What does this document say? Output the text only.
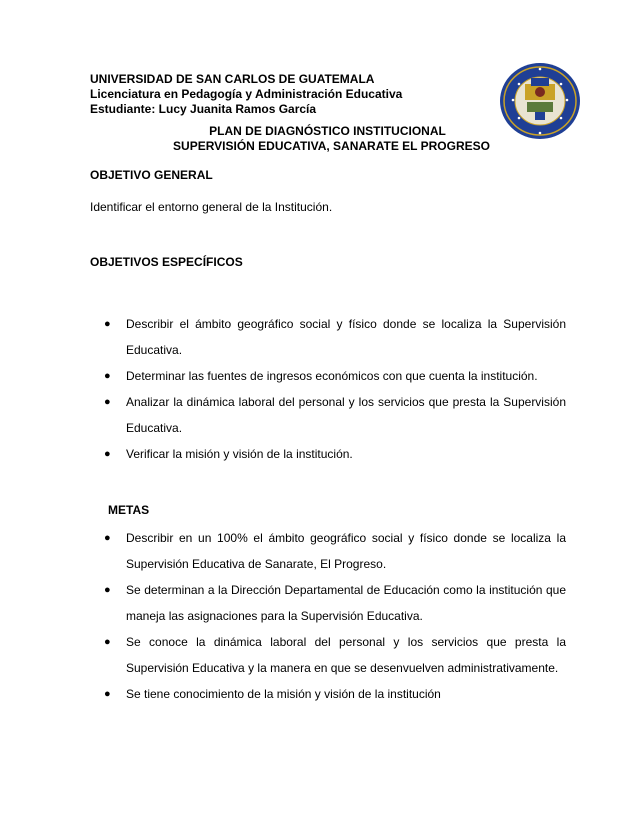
UNIVERSIDAD DE SAN CARLOS DE GUATEMALA
Licenciatura en Pedagogía y Administración Educativa
Estudiante: Lucy Juanita Ramos García
PLAN DE DIAGNÓSTICO INSTITUCIONAL
SUPERVISIÓN EDUCATIVA, SANARATE EL PROGRESO
OBJETIVO GENERAL
Identificar el entorno general de la Institución.
OBJETIVOS ESPECÍFICOS
● Describir el ámbito geográfico social y físico donde se localiza la Supervisión Educativa.
● Determinar las fuentes de ingresos económicos con que cuenta la institución.
● Analizar la dinámica laboral del personal y los servicios que presta la Supervisión Educativa.
● Verificar la misión y visión de la institución.
METAS
● Describir en un 100% el ámbito geográfico social y físico donde se localiza la Supervisión Educativa de Sanarate, El Progreso.
● Se determinan a la Dirección Departamental de Educación como la institución que maneja las asignaciones para la Supervisión Educativa.
● Se conoce la dinámica laboral del personal y los servicios que presta la Supervisión Educativa y la manera en que se desenvuelven administrativamente.
● Se tiene conocimiento de la misión y visión de la institución
